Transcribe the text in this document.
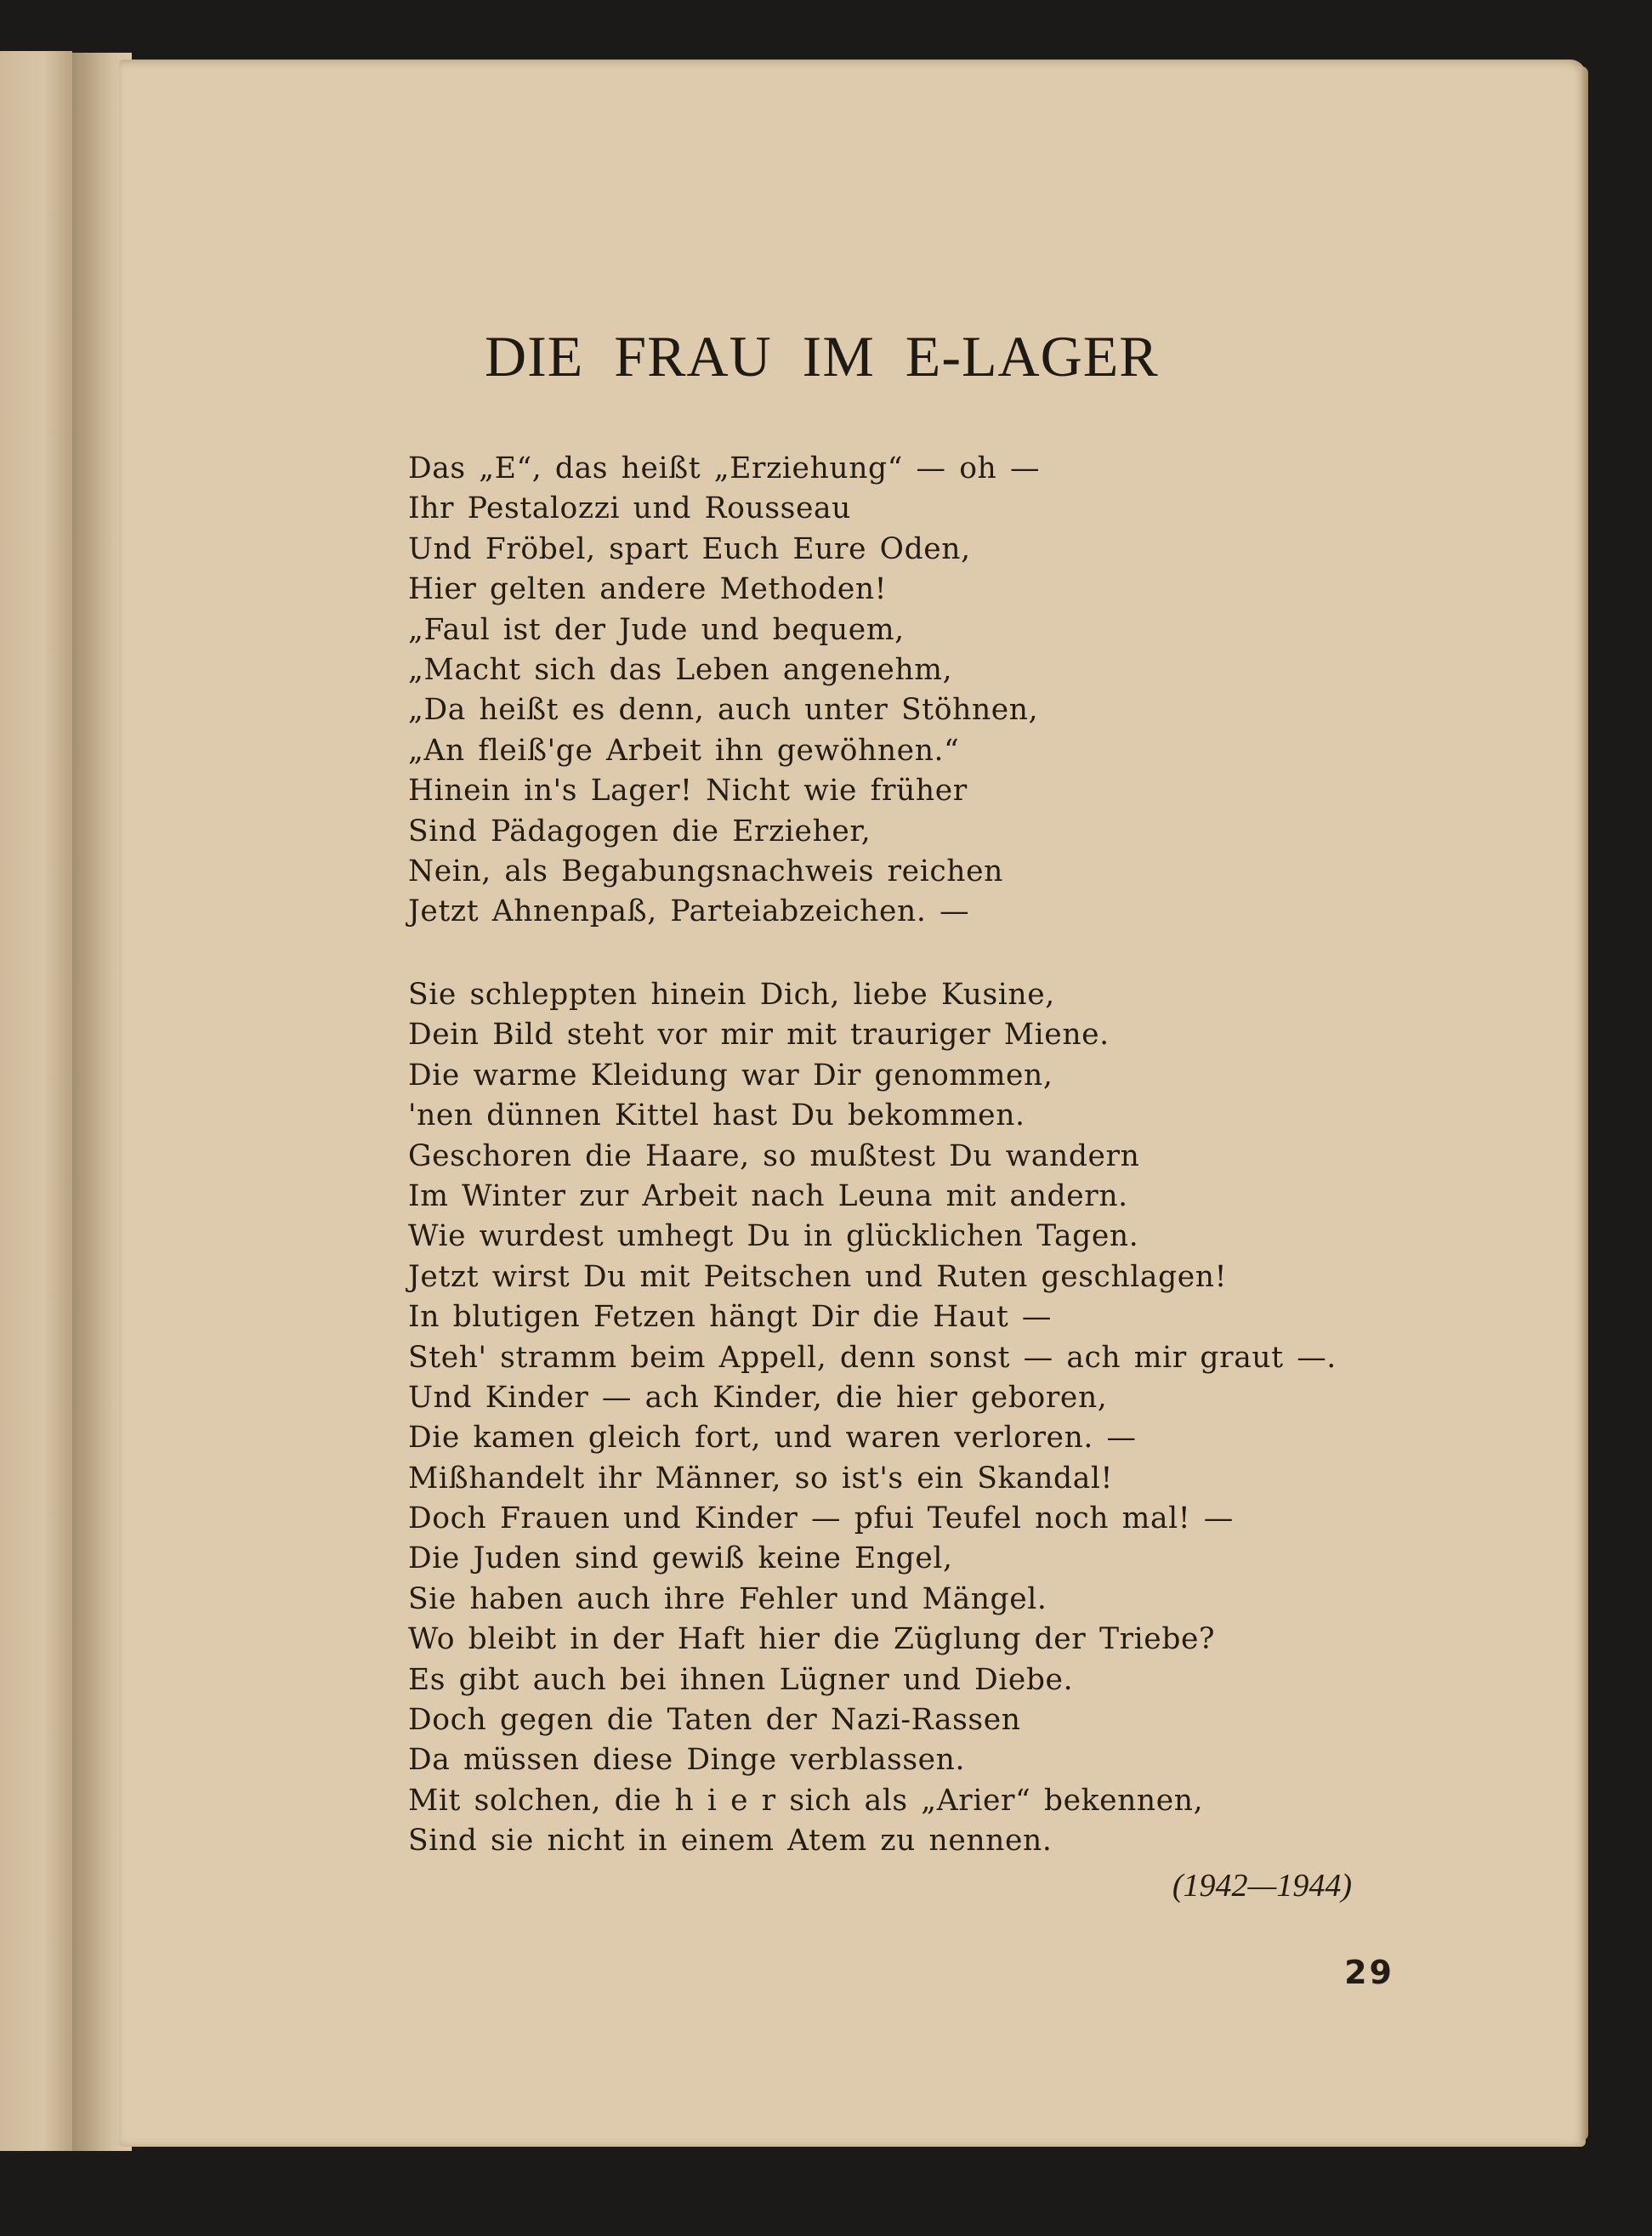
DIE FRAU IM E-LAGER
Das „E“, das heißt „Erziehung“ — oh —
Ihr Pestalozzi und Rousseau
Und Fröbel, spart Euch Eure Oden,
Hier gelten andere Methoden!
„Faul ist der Jude und bequem,
„Macht sich das Leben angenehm,
„Da heißt es denn, auch unter Stöhnen,
„An fleiß'ge Arbeit ihn gewöhnen.“
Hinein in's Lager! Nicht wie früher
Sind Pädagogen die Erzieher,
Nein, als Begabungsnachweis reichen
Jetzt Ahnenpaß, Parteiabzeichen. —
Sie schleppten hinein Dich, liebe Kusine,
Dein Bild steht vor mir mit trauriger Miene.
Die warme Kleidung war Dir genommen,
'nen dünnen Kittel hast Du bekommen.
Geschoren die Haare, so mußtest Du wandern
Im Winter zur Arbeit nach Leuna mit andern.
Wie wurdest umhegt Du in glücklichen Tagen.
Jetzt wirst Du mit Peitschen und Ruten geschlagen!
In blutigen Fetzen hängt Dir die Haut —
Steh' stramm beim Appell, denn sonst — ach mir graut —.
Und Kinder — ach Kinder, die hier geboren,
Die kamen gleich fort, und waren verloren. —
Mißhandelt ihr Männer, so ist's ein Skandal!
Doch Frauen und Kinder — pfui Teufel noch mal! —
Die Juden sind gewiß keine Engel,
Sie haben auch ihre Fehler und Mängel.
Wo bleibt in der Haft hier die Züglung der Triebe?
Es gibt auch bei ihnen Lügner und Diebe.
Doch gegen die Taten der Nazi-Rassen
Da müssen diese Dinge verblassen.
Mit solchen, die h i e r sich als „Arier“ bekennen,
Sind sie nicht in einem Atem zu nennen.
(1942—1944)
29
